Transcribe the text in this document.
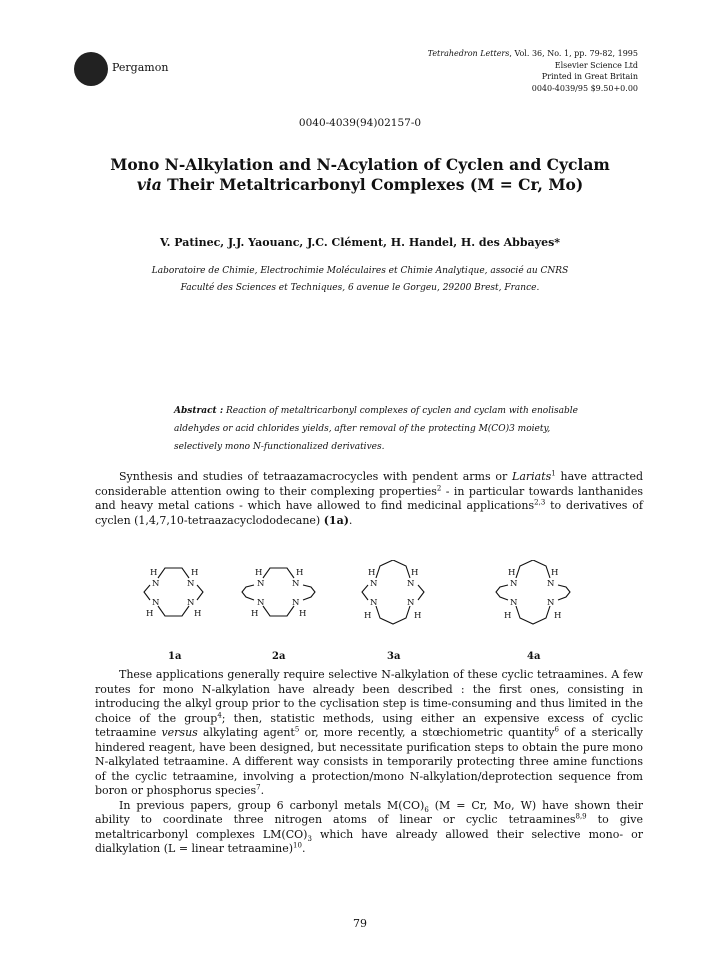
Pergamon
Tetrahedron Letters, Vol. 36, No. 1, pp. 79-82, 1995
Elsevier Science Ltd
Printed in Great Britain
0040-4039/95 $9.50+0.00
0040-4039(94)02157-0
Mono N-Alkylation and N-Acylation of Cyclen and Cyclam
via Their Metaltricarbonyl Complexes (M = Cr, Mo)
V. Patinec, J.J. Yaouanc, J.C. Clément, H. Handel, H. des Abbayes*
Laboratoire de Chimie, Electrochimie Moléculaires et Chimie Analytique, associé au CNRS
Faculté des Sciences et Techniques, 6 avenue le Gorgeu, 29200 Brest, France.
Abstract : Reaction of metaltricarbonyl complexes of cyclen and cyclam with enolisable aldehydes or acid chlorides yields, after removal of the protecting M(CO)3 moiety, selectively mono N-functionalized derivatives.
Synthesis and studies of tetraazamacrocycles with pendent arms or Lariats$^1$ have attracted considerable attention owing to their complexing properties$^2$ - in particular towards lanthanides and heavy metal cations - which have allowed to find medicinal applications$^{2,3}$ to derivatives of cyclen (1,4,7,10-tetraazacyclododecane) (1a).
H	H
N	N
N	N
H	H
H	H
N	N
N	N
H	H
H	H
N	N
N	N
H	H
H	H
N	N
N	N
H	H
1a	2a	3a	4a
These applications generally require selective N-alkylation of these cyclic tetraamines. A few routes for mono N-alkylation have already been described : the first ones, consisting in introducing the alkyl group prior to the cyclisation step is time-consuming and thus limited in the choice of the group$^4$; then, statistic methods, using either an expensive excess of cyclic tetraamine versus alkylating agent$^5$ or, more recently, a stœchiometric quantity$^6$ of a sterically hindered reagent, have been designed, but necessitate purification steps to obtain the pure mono N-alkylated tetraamine. A different way consists in temporarily protecting three amine functions of the cyclic tetraamine, involving a protection/mono N-alkylation/deprotection sequence from boron or phosphorus species$^7$.
In previous papers, group 6 carbonyl metals $M(CO)_6$ (M = Cr, Mo, W) have shown their ability to coordinate three nitrogen atoms of linear or cyclic tetraamines$^{8,9}$ to give metaltricarbonyl complexes $LM(CO)_3$ which have already allowed their selective mono- or dialkylation (L = linear tetraamine)$^{10}$.
79
